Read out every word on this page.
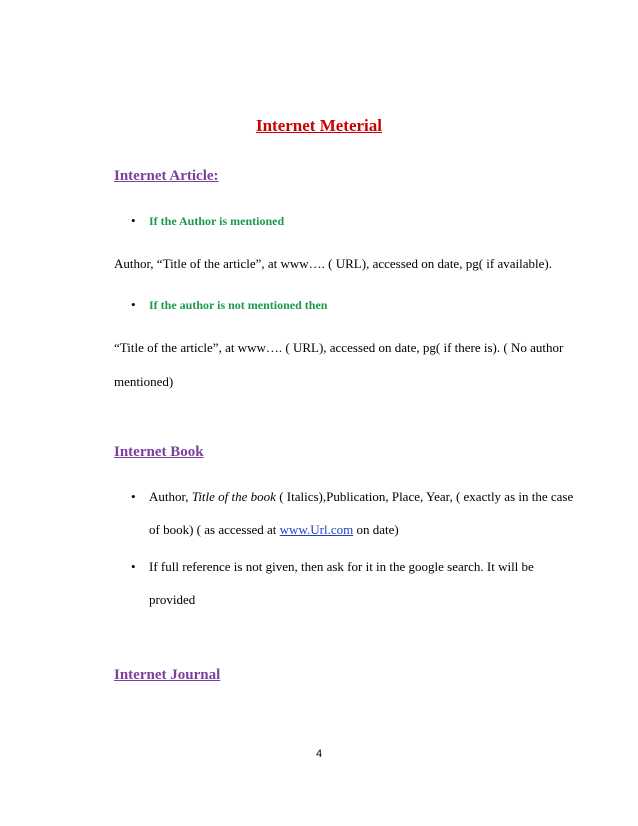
Internet Meterial
Internet Article:
•	If the Author is mentioned
Author, “Title of the article”, at www…. ( URL), accessed on date, pg( if available).
•	If the author is not mentioned then
“Title of the article”, at www…. ( URL), accessed on date, pg( if there is). ( No author
mentioned)
Internet Book
•	Author, Title of the book ( Italics),Publication, Place, Year, ( exactly as in the case
of book) ( as accessed at www.Url.com on date)
•	If full reference is not given, then ask for it in the google search. It will be
provided
Internet Journal
4
